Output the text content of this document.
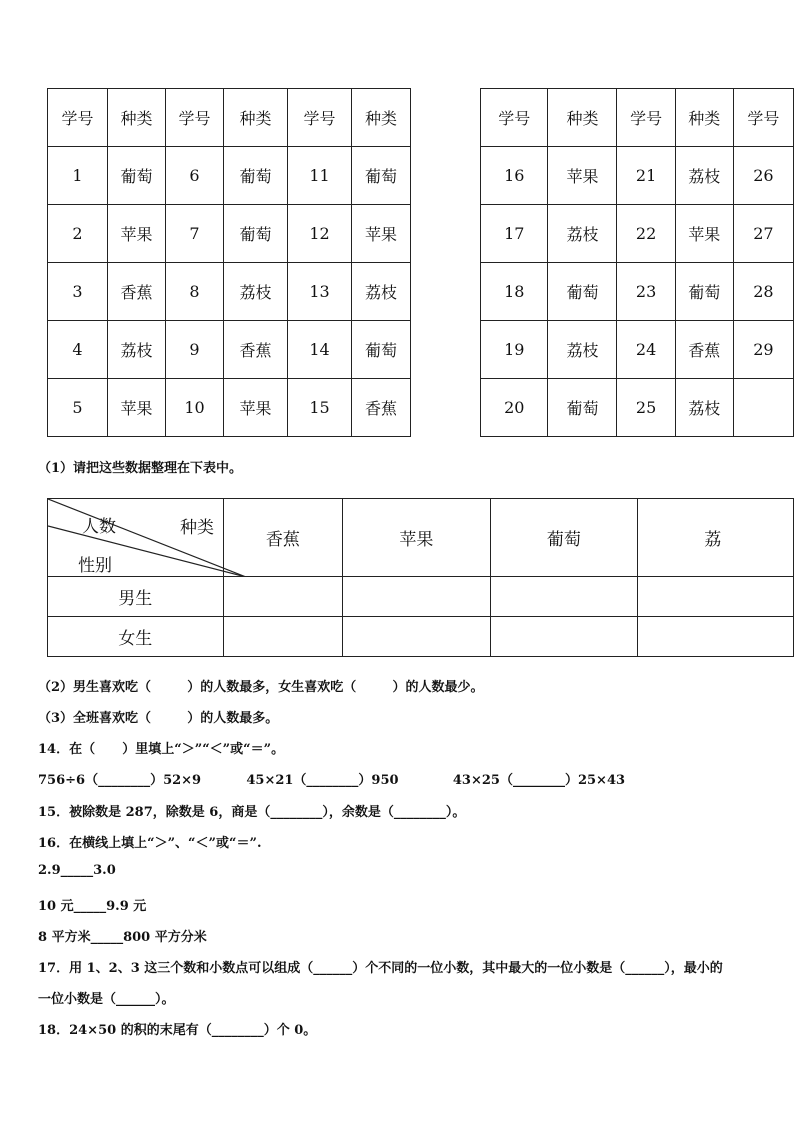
学号	种类	学号	种类	学号	种类
1	葡萄	6	葡萄	11	葡萄
2	苹果	7	葡萄	12	苹果
3	香蕉	8	荔枝	13	荔枝
4	荔枝	9	香蕉	14	葡萄
5	苹果	10	苹果	15	香蕉
学号	种类	学号	种类	学号
16	苹果	21	荔枝	26
17	荔枝	22	苹果	27
18	葡萄	23	葡萄	28
19	荔枝	24	香蕉	29
20	葡萄	25	荔枝	
（1）请把这些数据整理在下表中。
人数 种类
性别	香蕉	苹果	葡萄	荔
男生				
女生				
（2）男生喜欢吃（        ）的人数最多，女生喜欢吃（        ）的人数最少。
（3）全班喜欢吃（        ）的人数最多。
14．在（      ）里填上“＞”“＜”或“＝”。
756÷6（________）52×9          45×21（________）950            43×25（________）25×43
15．被除数是 287，除数是 6，商是（________），余数是（________）。
16．在横线上填上“＞”、“＜”或“＝”.
2.9_____3.0
10 元_____9.9 元
8 平方米_____800 平方分米
17．用 1、2、3 这三个数和小数点可以组成（______）个不同的一位小数，其中最大的一位小数是（______），最小的
一位小数是（______）。
18．24×50 的积的末尾有（________）个 0。
